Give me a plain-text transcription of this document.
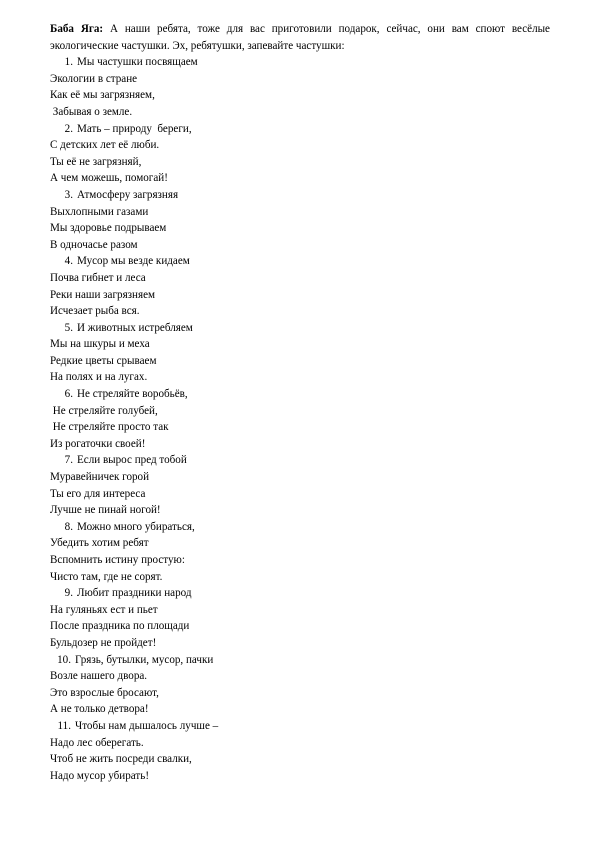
Баба Яга: А наши ребята, тоже для вас приготовили подарок, сейчас, они вам споют весёлые экологические частушки. Эх, ребятушки, запевайте частушки:

1. Мы частушки посвящаем
Экологии в стране
Как её мы загрязняем,
Забывая о земле.
2. Мать – природу  береги,
С детских лет её люби.
Ты её не загрязняй,
А чем можешь, помогай!
3. Атмосферу загрязняя
Выхлопными газами
Мы здоровье подрываем
В одночасье разом
4. Мусор мы везде кидаем
Почва гибнет и леса
Реки наши загрязняем
Исчезает рыба вся.
5. И животных истребляем
Мы на шкуры и меха
Редкие цветы срываем
На полях и на лугах.
6. Не стреляйте воробьёв,
Не стреляйте голубей,
Не стреляйте просто так
Из рогаточки своей!
7. Если вырос пред тобой
Муравейничек горой
Ты его для интереса
Лучше не пинай ногой!
8. Можно много убираться,
Убедить хотим ребят
Вспомнить истину простую:
Чисто там, где не сорят.
9. Любит праздники народ
На гуляньях ест и пьет
После праздника по площади
Бульдозер не пройдет!
10. Грязь, бутылки, мусор, пачки
Возле нашего двора.
Это взрослые бросают,
А не только детвора!
11. Чтобы нам дышалось лучше –
Надо лес оберегать.
Чтоб не жить посреди свалки,
Надо мусор убирать!
